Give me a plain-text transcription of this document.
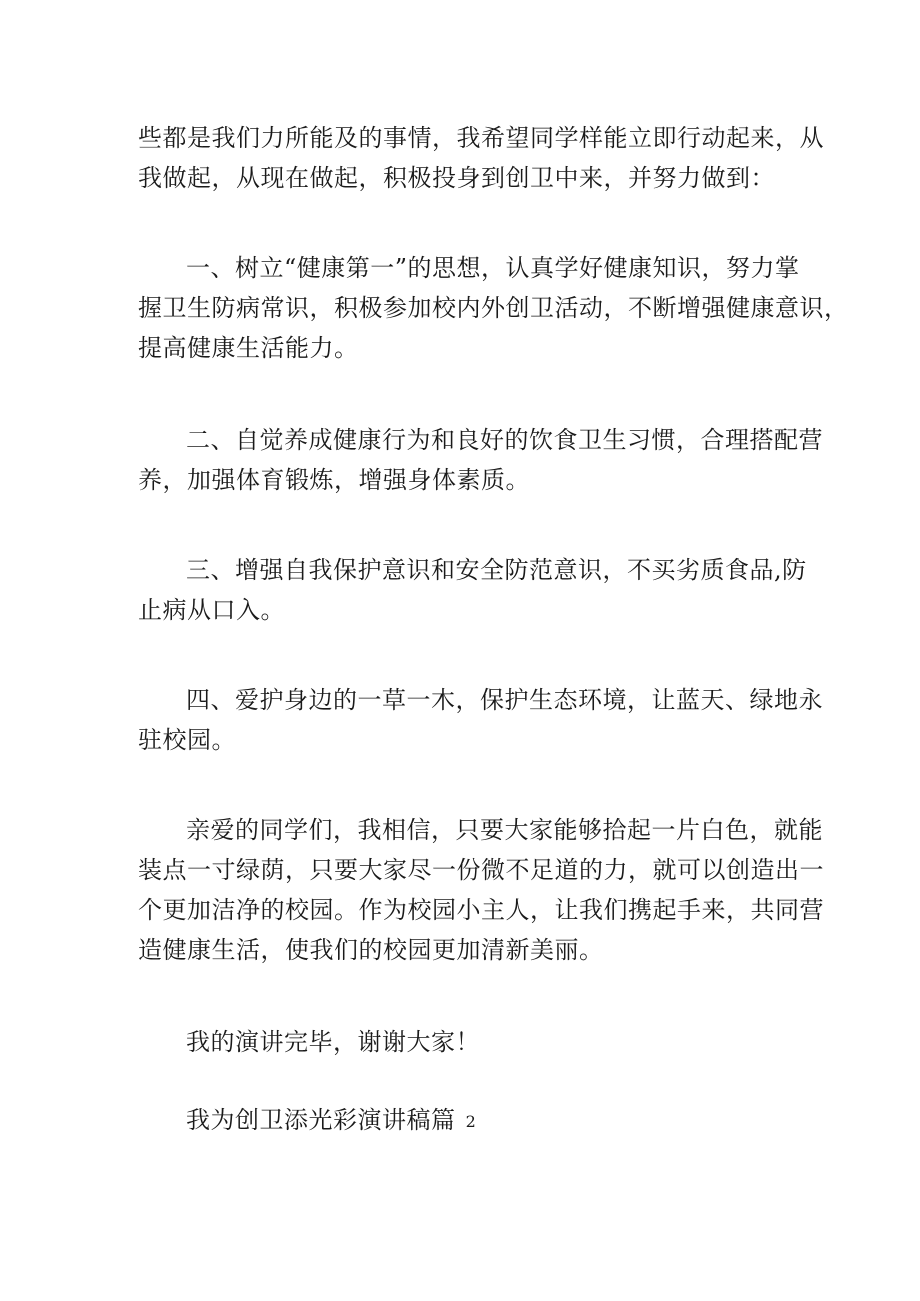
些都是我们力所能及的事情，我希望同学样能立即行动起来，从
我做起，从现在做起，积极投身到创卫中来，并努力做到：

一、树立“健康第一”的思想，认真学好健康知识，努力掌
握卫生防病常识，积极参加校内外创卫活动，不断增强健康意识，
提高健康生活能力。

二、自觉养成健康行为和良好的饮食卫生习惯，合理搭配营
养，加强体育锻炼，增强身体素质。

三、增强自我保护意识和安全防范意识，不买劣质食品,防
止病从口入。

四、爱护身边的一草一木，保护生态环境，让蓝天、绿地永
驻校园。

亲爱的同学们，我相信，只要大家能够拾起一片白色，就能
装点一寸绿荫，只要大家尽一份微不足道的力，就可以创造出一
个更加洁净的校园。作为校园小主人，让我们携起手来，共同营
造健康生活，使我们的校园更加清新美丽。

我的演讲完毕，谢谢大家！

我为创卫添光彩演讲稿篇 2
